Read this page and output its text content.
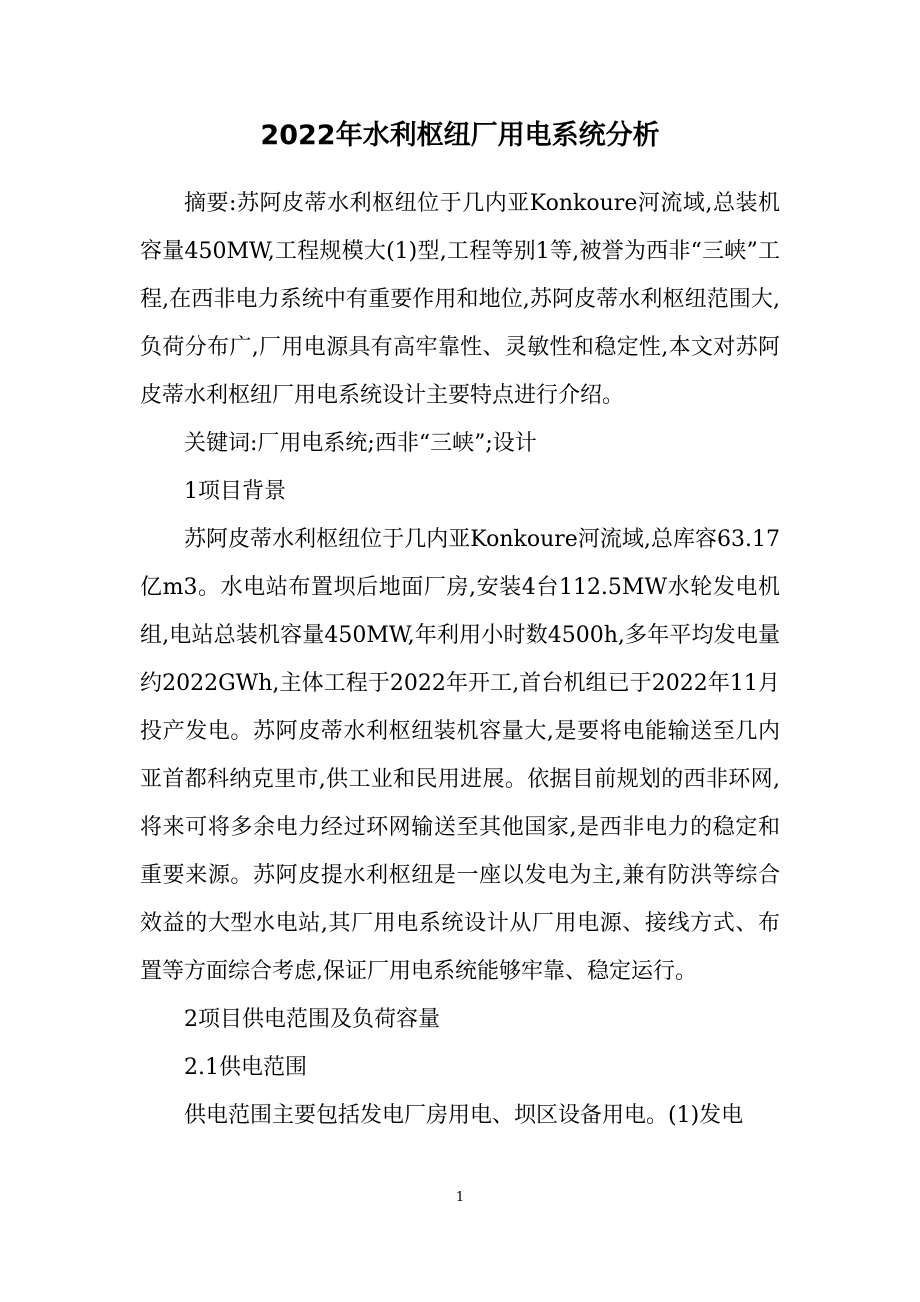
2022年水利枢纽厂用电系统分析

摘要:苏阿皮蒂水利枢纽位于几内亚Konkoure河流域,总装机容量450MW,工程规模大(1)型,工程等别1等,被誉为西非“三峡”工程,在西非电力系统中有重要作用和地位,苏阿皮蒂水利枢纽范围大,负荷分布广,厂用电源具有高牢靠性、灵敏性和稳定性,本文对苏阿皮蒂水利枢纽厂用电系统设计主要特点进行介绍。

关键词:厂用电系统;西非“三峡”;设计

1项目背景

苏阿皮蒂水利枢纽位于几内亚Konkoure河流域,总库容63.17亿m3。水电站布置坝后地面厂房,安装4台112.5MW水轮发电机组,电站总装机容量450MW,年利用小时数4500h,多年平均发电量约2022GWh,主体工程于2022年开工,首台机组已于2022年11月投产发电。苏阿皮蒂水利枢纽装机容量大,是要将电能输送至几内亚首都科纳克里市,供工业和民用进展。依据目前规划的西非环网,将来可将多余电力经过环网输送至其他国家,是西非电力的稳定和重要来源。苏阿皮提水利枢纽是一座以发电为主,兼有防洪等综合效益的大型水电站,其厂用电系统设计从厂用电源、接线方式、布置等方面综合考虑,保证厂用电系统能够牢靠、稳定运行。

2项目供电范围及负荷容量

2.1供电范围

供电范围主要包括发电厂房用电、坝区设备用电。(1)发电

1
